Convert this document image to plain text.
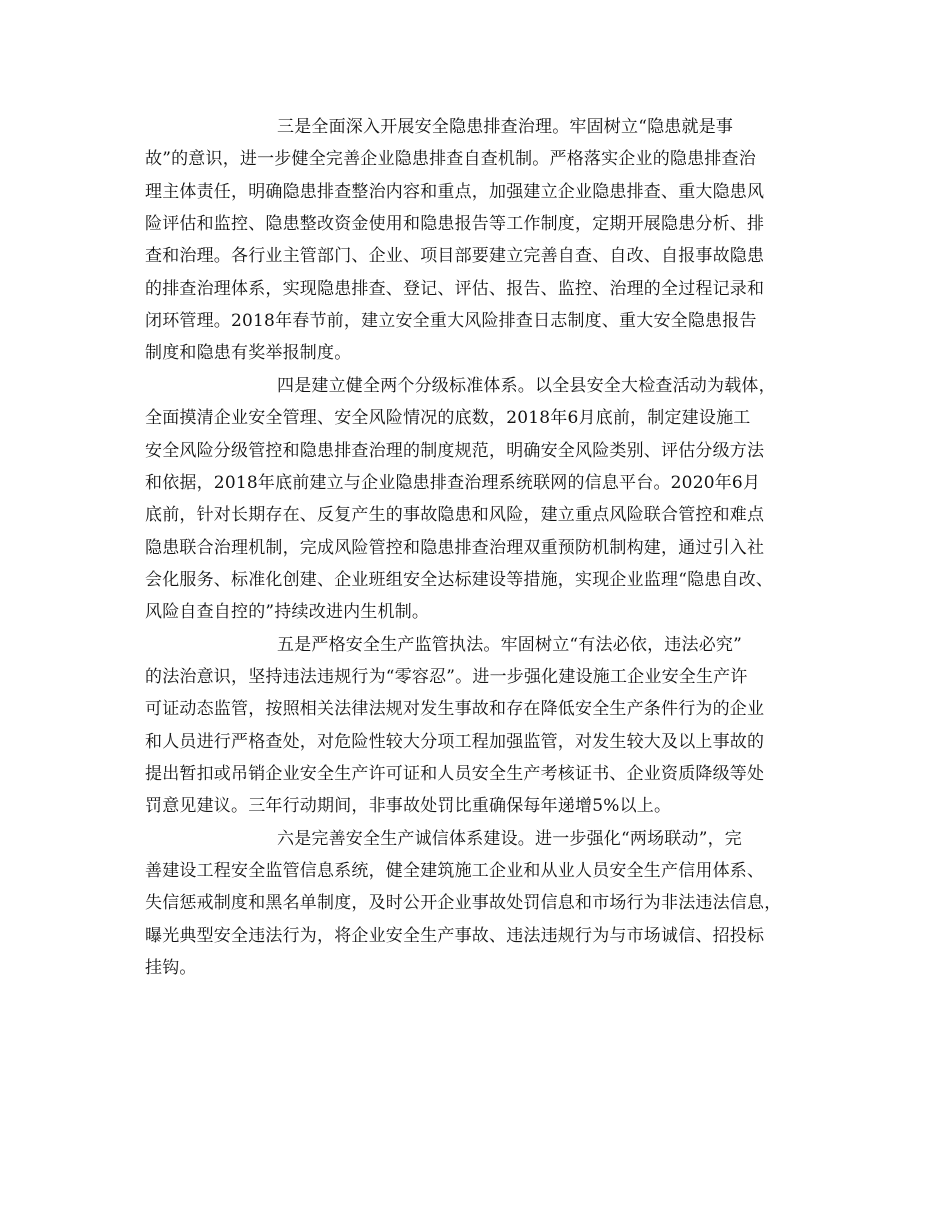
三是全面深入开展安全隐患排查治理。牢固树立“隐患就是事
故”的意识，进一步健全完善企业隐患排查自查机制。严格落实企业的隐患排查治
理主体责任，明确隐患排查整治内容和重点，加强建立企业隐患排查、重大隐患风
险评估和监控、隐患整改资金使用和隐患报告等工作制度，定期开展隐患分析、排
查和治理。各行业主管部门、企业、项目部要建立完善自查、自改、自报事故隐患
的排查治理体系，实现隐患排查、登记、评估、报告、监控、治理的全过程记录和
闭环管理。2018年春节前，建立安全重大风险排查日志制度、重大安全隐患报告
制度和隐患有奖举报制度。
四是建立健全两个分级标准体系。以全县安全大检查活动为载体，
全面摸清企业安全管理、安全风险情况的底数，2018年6月底前，制定建设施工
安全风险分级管控和隐患排查治理的制度规范，明确安全风险类别、评估分级方法
和依据，2018年底前建立与企业隐患排查治理系统联网的信息平台。2020年6月
底前，针对长期存在、反复产生的事故隐患和风险，建立重点风险联合管控和难点
隐患联合治理机制，完成风险管控和隐患排查治理双重预防机制构建，通过引入社
会化服务、标准化创建、企业班组安全达标建设等措施，实现企业监理“隐患自改、
风险自查自控的”持续改进内生机制。
五是严格安全生产监管执法。牢固树立“有法必依，违法必究”
的法治意识，坚持违法违规行为“零容忍”。进一步强化建设施工企业安全生产许
可证动态监管，按照相关法律法规对发生事故和存在降低安全生产条件行为的企业
和人员进行严格查处，对危险性较大分项工程加强监管，对发生较大及以上事故的
提出暂扣或吊销企业安全生产许可证和人员安全生产考核证书、企业资质降级等处
罚意见建议。三年行动期间，非事故处罚比重确保每年递增5%以上。
六是完善安全生产诚信体系建设。进一步强化“两场联动”，完
善建设工程安全监管信息系统，健全建筑施工企业和从业人员安全生产信用体系、
失信惩戒制度和黑名单制度，及时公开企业事故处罚信息和市场行为非法违法信息，
曝光典型安全违法行为，将企业安全生产事故、违法违规行为与市场诚信、招投标
挂钩。
